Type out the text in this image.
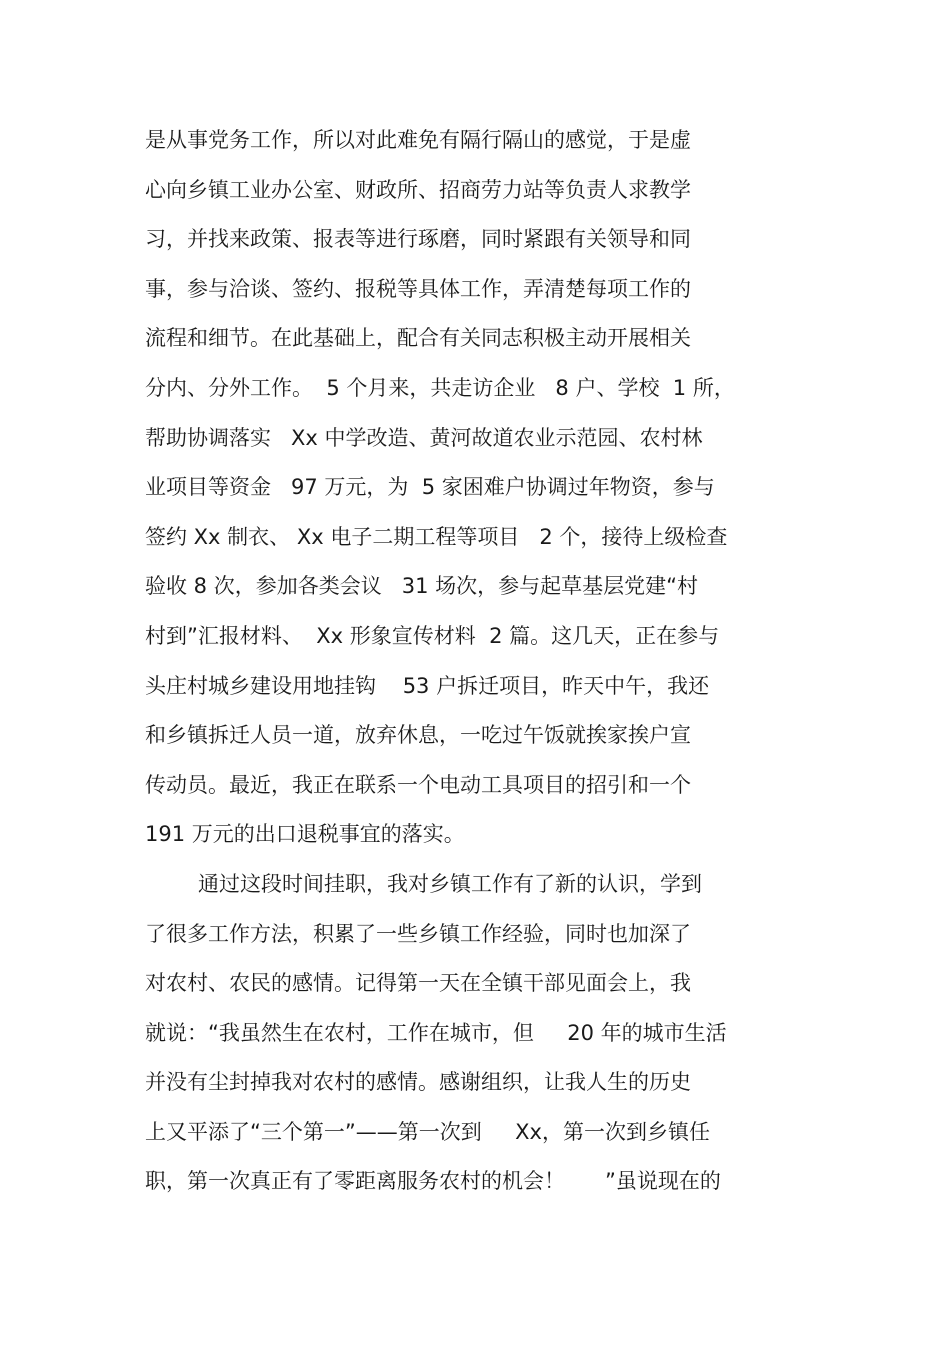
是从事党务工作，所以对此难免有隔行隔山的感觉，于是虚
心向乡镇工业办公室、财政所、招商劳力站等负责人求教学
习，并找来政策、报表等进行琢磨，同时紧跟有关领导和同
事，参与洽谈、签约、报税等具体工作，弄清楚每项工作的
流程和细节。在此基础上，配合有关同志积极主动开展相关
分内、分外工作。  5 个月来，共走访企业   8 户、学校  1 所，
帮助协调落实   Xx 中学改造、黄河故道农业示范园、农村林
业项目等资金   97 万元，为  5 家困难户协调过年物资，参与
签约 Xx 制衣、 Xx 电子二期工程等项目   2 个，接待上级检查
验收 8 次，参加各类会议   31 场次，参与起草基层党建“村
村到”汇报材料、  Xx 形象宣传材料  2 篇。这几天，正在参与
头庄村城乡建设用地挂钩    53 户拆迁项目，昨天中午，我还
和乡镇拆迁人员一道，放弃休息，一吃过午饭就挨家挨户宣
传动员。最近，我正在联系一个电动工具项目的招引和一个
191 万元的出口退税事宜的落实。
通过这段时间挂职，我对乡镇工作有了新的认识，学到
了很多工作方法，积累了一些乡镇工作经验，同时也加深了
对农村、农民的感情。记得第一天在全镇干部见面会上，我
就说：“我虽然生在农村，工作在城市，但     20 年的城市生活
并没有尘封掉我对农村的感情。感谢组织，让我人生的历史
上又平添了“三个第一”——第一次到     Xx，第一次到乡镇任
职，第一次真正有了零距离服务农村的机会！      ”虽说现在的
